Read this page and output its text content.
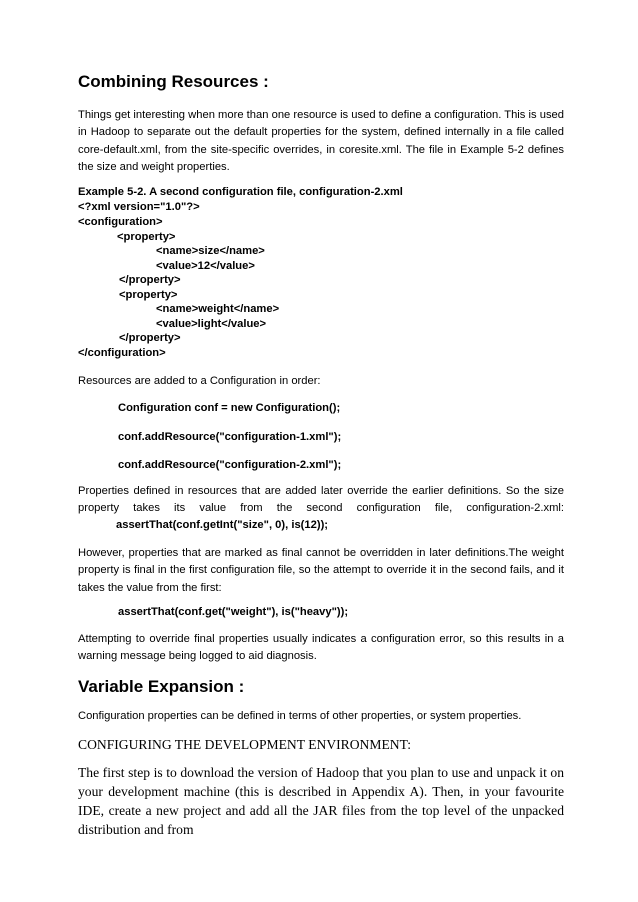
Combining Resources :
Things get interesting when more than one resource is used to define a configuration. This is used in Hadoop to separate out the default properties for the system, defined internally in a file called core-default.xml, from the site-specific overrides, in coresite.xml. The file in Example 5-2 defines the size and weight properties.
Example 5-2. A second configuration file, configuration-2.xml
<?xml version="1.0"?>
<configuration>
<property>
<name>size</name>
<value>12</value>
</property>
<property>
<name>weight</name>
<value>light</value>
</property>
</configuration>
Resources are added to a Configuration in order:
Configuration conf = new Configuration();
conf.addResource("configuration-1.xml");
conf.addResource("configuration-2.xml");
Properties defined in resources that are added later override the earlier definitions. So the size
property takes its value from the second configuration file, configuration-2.xml:
assertThat(conf.getInt("size", 0), is(12));
However, properties that are marked as final cannot be overridden in later definitions.The weight property is final in the first configuration file, so the attempt to override it in the second fails, and it takes the value from the first:
assertThat(conf.get("weight"), is("heavy"));
Attempting to override final properties usually indicates a configuration error, so this results in a warning message being logged to aid diagnosis.
Variable Expansion :
Configuration properties can be defined in terms of other properties, or system properties.
CONFIGURING THE DEVELOPMENT ENVIRONMENT:
The first step is to download the version of Hadoop that you plan to use and unpack it on your development machine (this is described in Appendix A). Then, in your favourite IDE, create a new project and add all the JAR files from the top level of the unpacked distribution and from
